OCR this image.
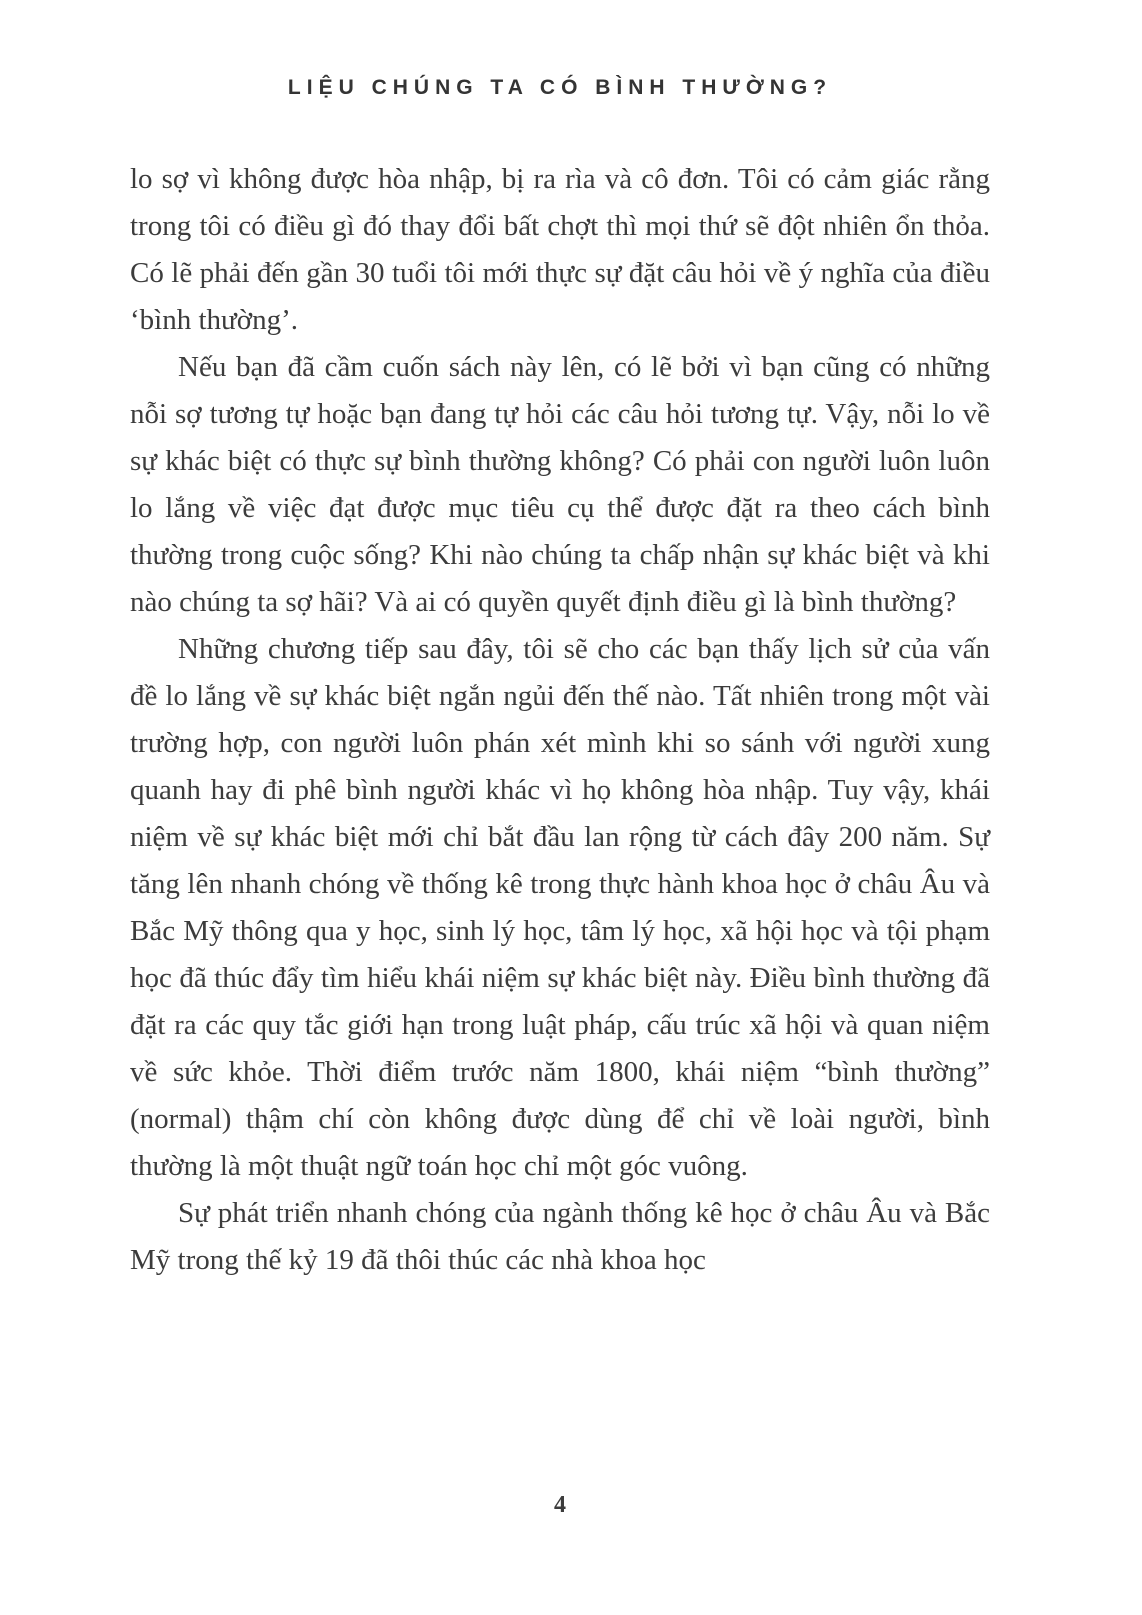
LIỆU CHÚNG TA CÓ BÌNH THƯỜNG?

lo sợ vì không được hòa nhập, bị ra rìa và cô đơn. Tôi có cảm giác rằng trong tôi có điều gì đó thay đổi bất chợt thì mọi thứ sẽ đột nhiên ổn thỏa. Có lẽ phải đến gần 30 tuổi tôi mới thực sự đặt câu hỏi về ý nghĩa của điều ‘bình thường’.

Nếu bạn đã cầm cuốn sách này lên, có lẽ bởi vì bạn cũng có những nỗi sợ tương tự hoặc bạn đang tự hỏi các câu hỏi tương tự. Vậy, nỗi lo về sự khác biệt có thực sự bình thường không? Có phải con người luôn luôn lo lắng về việc đạt được mục tiêu cụ thể được đặt ra theo cách bình thường trong cuộc sống? Khi nào chúng ta chấp nhận sự khác biệt và khi nào chúng ta sợ hãi? Và ai có quyền quyết định điều gì là bình thường?

Những chương tiếp sau đây, tôi sẽ cho các bạn thấy lịch sử của vấn đề lo lắng về sự khác biệt ngắn ngủi đến thế nào. Tất nhiên trong một vài trường hợp, con người luôn phán xét mình khi so sánh với người xung quanh hay đi phê bình người khác vì họ không hòa nhập. Tuy vậy, khái niệm về sự khác biệt mới chỉ bắt đầu lan rộng từ cách đây 200 năm. Sự tăng lên nhanh chóng về thống kê trong thực hành khoa học ở châu Âu và Bắc Mỹ thông qua y học, sinh lý học, tâm lý học, xã hội học và tội phạm học đã thúc đẩy tìm hiểu khái niệm sự khác biệt này. Điều bình thường đã đặt ra các quy tắc giới hạn trong luật pháp, cấu trúc xã hội và quan niệm về sức khỏe. Thời điểm trước năm 1800, khái niệm “bình thường” (normal) thậm chí còn không được dùng để chỉ về loài người, bình thường là một thuật ngữ toán học chỉ một góc vuông.

Sự phát triển nhanh chóng của ngành thống kê học ở châu Âu và Bắc Mỹ trong thế kỷ 19 đã thôi thúc các nhà khoa học

4
